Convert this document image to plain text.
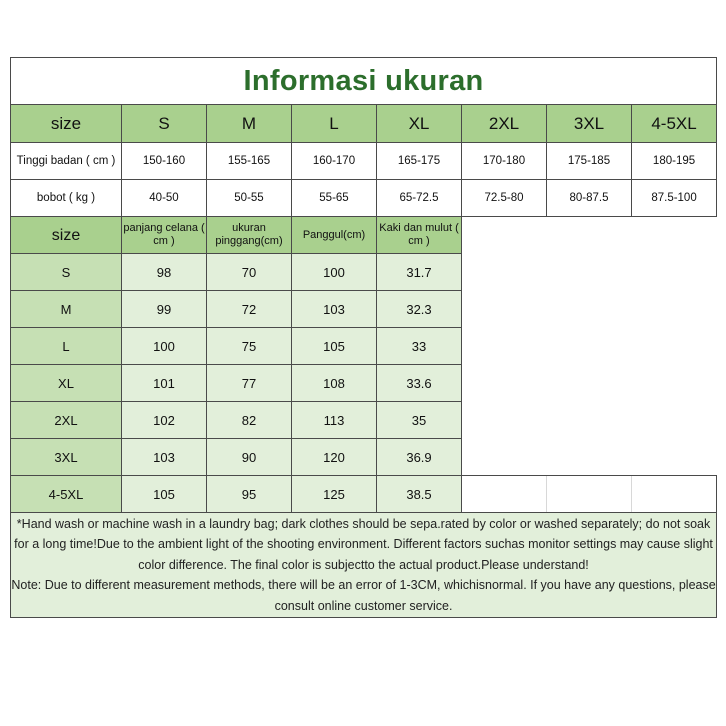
Informasi ukuran							
size	S	M	L	XL	2XL	3XL	4-5XL
Tinggi badan ( cm )	150-160	155-165	160-170	165-175	170-180	175-185	180-195
bobot ( kg )	40-50	50-55	55-65	65-72.5	72.5-80	80-87.5	87.5-100
size	panjang celana ( cm )	ukuran pinggang(cm)	Panggul(cm)	Kaki dan mulut ( cm )			
S	98	70	100	31.7			
M	99	72	103	32.3			
L	100	75	105	33			
XL	101	77	108	33.6			
2XL	102	82	113	35			
3XL	103	90	120	36.9			
4-5XL	105	95	125	38.5			

*Hand wash or machine wash in a laundry bag; dark clothes should be sepa.rated by color or washed separately; do not soak for a long time!Due to the ambient light of the shooting environment. Different factors suchas monitor settings may cause slight color difference. The final color is subjectto the actual product.Please understand!

Note: Due to different measurement methods, there will be an error of 1-3CM, whichisnormal. If you have any questions, please consult online customer service.							
